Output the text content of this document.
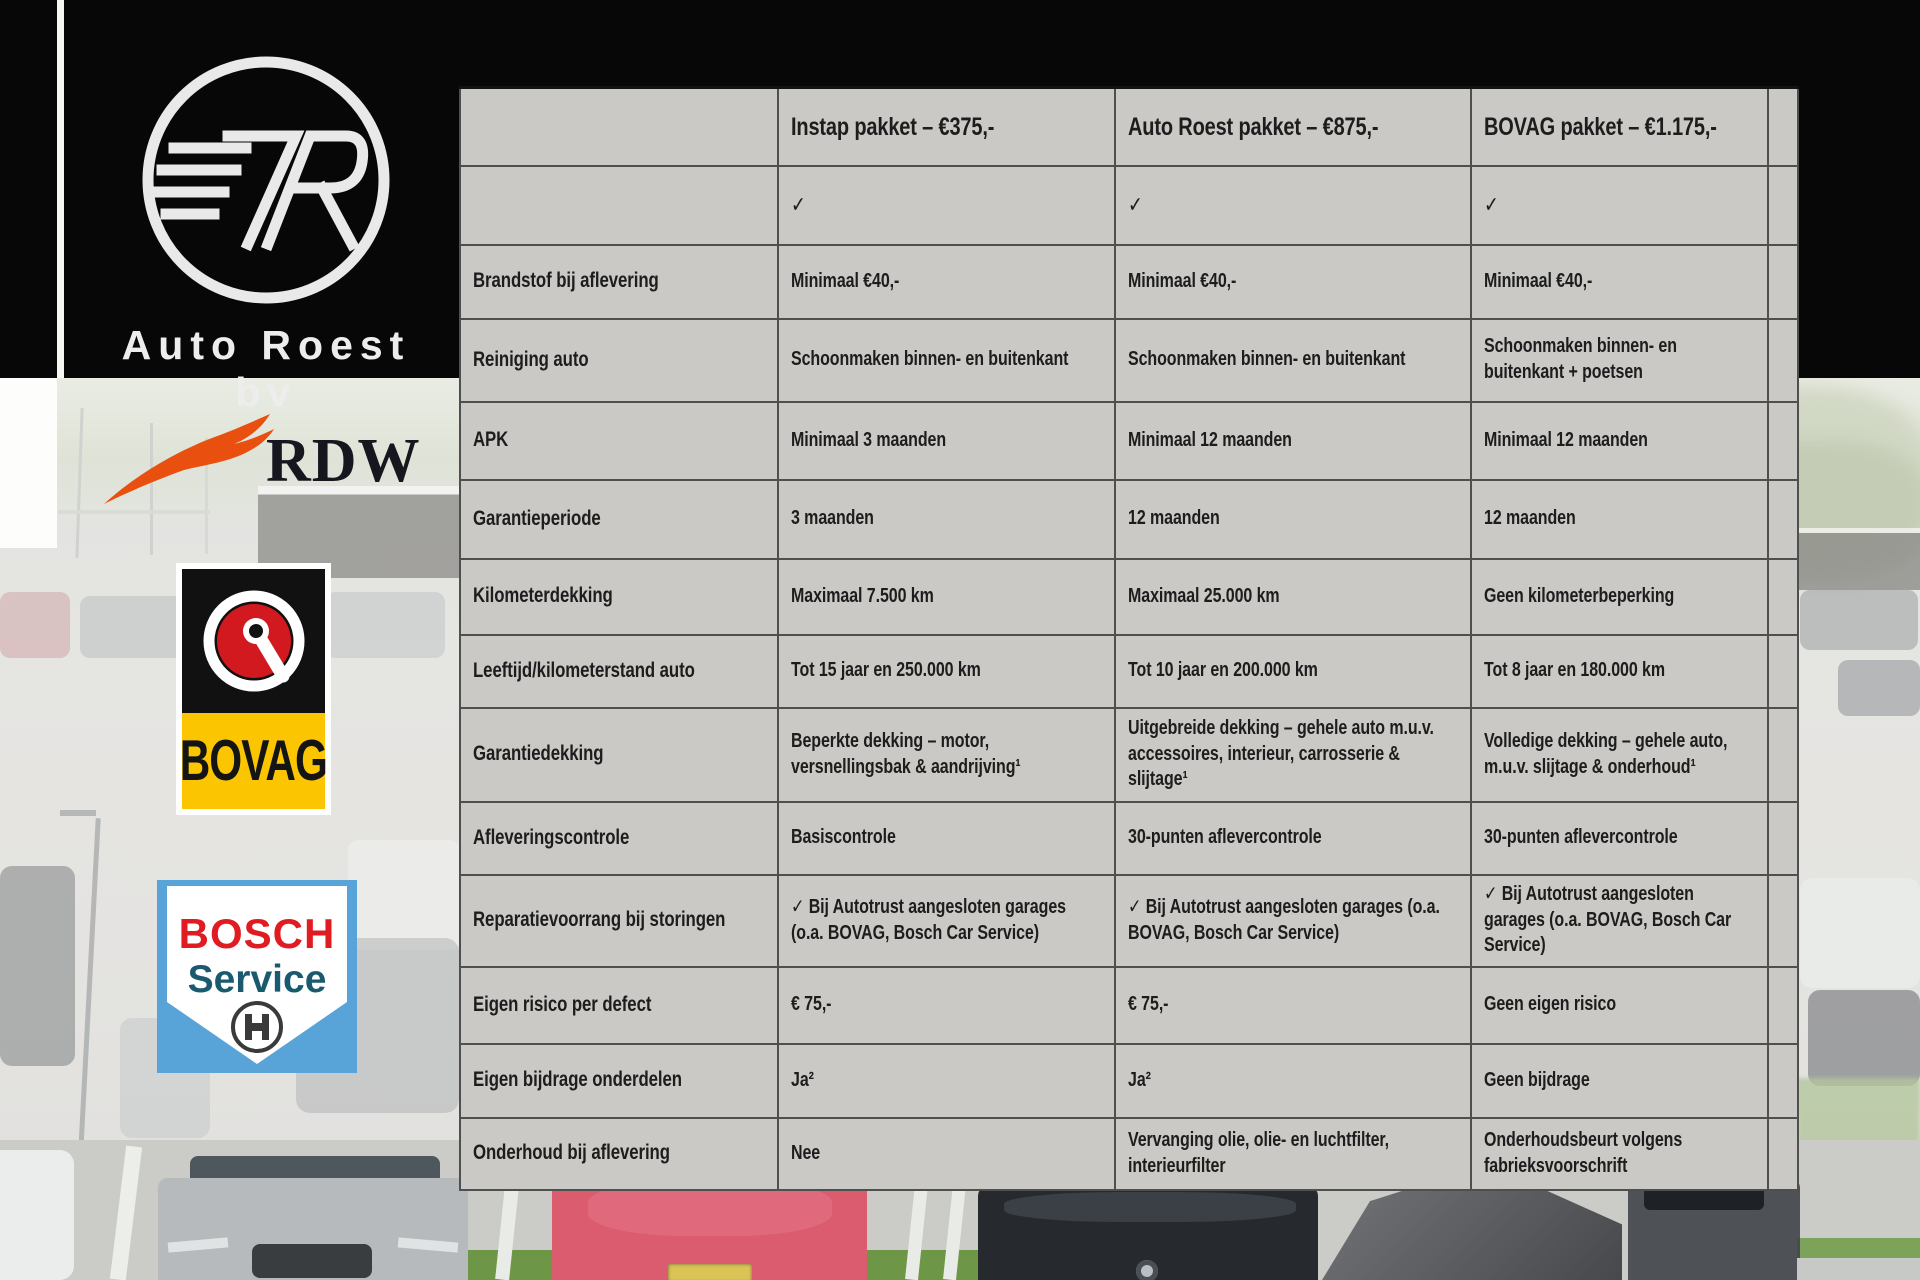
Auto Roest bv
RDW
BOVAG
BOSCH
Service

	Instap pakket – €375,-	Auto Roest pakket – €875,-	BOVAG pakket – €1.175,-	

	✓	✓	✓	

Brandstof bij aflevering	Minimaal €40,-	Minimaal €40,-	Minimaal €40,-	

Reiniging auto	Schoonmaken binnen- en buitenkant	Schoonmaken binnen- en buitenkant	Schoonmaken binnen- en buitenkant + poetsen	

APK	Minimaal 3 maanden	Minimaal 12 maanden	Minimaal 12 maanden	

Garantieperiode	3 maanden	12 maanden	12 maanden	

Kilometerdekking	Maximaal 7.500 km	Maximaal 25.000 km	Geen kilometerbeperking	

Leeftijd/kilometerstand auto	Tot 15 jaar en 250.000 km	Tot 10 jaar en 200.000 km	Tot 8 jaar en 180.000 km	

Garantiedekking	Beperkte dekking – motor, versnellingsbak & aandrijving¹	Uitgebreide dekking – gehele auto m.u.v. accessoires, interieur, carrosserie & slijtage¹	Volledige dekking – gehele auto, m.u.v. slijtage & onderhoud¹	

Afleveringscontrole	Basiscontrole	30-punten aflevercontrole	30-punten aflevercontrole	

Reparatievoorrang bij storingen	✓ Bij Autotrust aangesloten garages (o.a. BOVAG, Bosch Car Service)	✓ Bij Autotrust aangesloten garages (o.a. BOVAG, Bosch Car Service)	✓ Bij Autotrust aangesloten garages (o.a. BOVAG, Bosch Car Service)	

Eigen risico per defect	€ 75,-	€ 75,-	Geen eigen risico	

Eigen bijdrage onderdelen	Ja²	Ja²	Geen bijdrage	

Onderhoud bij aflevering	Nee	Vervanging olie, olie- en luchtfilter, interieurfilter	Onderhoudsbeurt volgens fabrieksvoorschrift	
